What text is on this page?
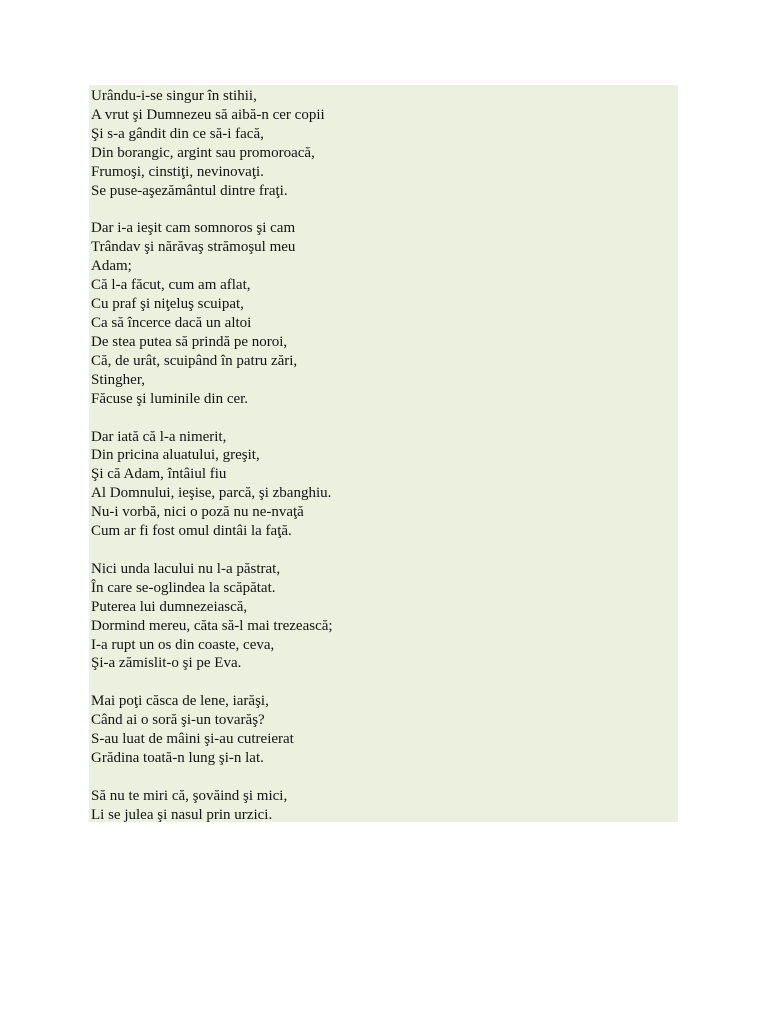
Urându-i-se singur în stihii,
A vrut şi Dumnezeu să aibă-n cer copii
Şi s-a gândit din ce să-i facă,
Din borangic, argint sau promoroacă,
Frumoşi, cinstiţi, nevinovaţi.
Se puse-aşezământul dintre fraţi.
Dar i-a ieşit cam somnoros şi cam
Trândav şi nărăvaş strămoşul meu
Adam;
Că l-a făcut, cum am aflat,
Cu praf şi niţeluş scuipat,
Ca să încerce dacă un altoi
De stea putea să prindă pe noroi,
Că, de urât, scuipând în patru zări,
Stingher,
Făcuse şi luminile din cer.
Dar iată că l-a nimerit,
Din pricina aluatului, greşit,
Şi că Adam, întâiul fiu
Al Domnului, ieşise, parcă, şi zbanghiu.
Nu-i vorbă, nici o poză nu ne-nvaţă
Cum ar fi fost omul dintâi la faţă.
Nici unda lacului nu l-a păstrat,
În care se-oglindea la scăpătat.
Puterea lui dumnezeiască,
Dormind mereu, căta să-l mai trezească;
I-a rupt un os din coaste, ceva,
Şi-a zămislit-o şi pe Eva.
Mai poţi căsca de lene, iarăşi,
Când ai o soră şi-un tovarăş?
S-au luat de mâini şi-au cutreierat
Grădina toată-n lung şi-n lat.
Să nu te miri că, şovăind şi mici,
Li se julea şi nasul prin urzici.
